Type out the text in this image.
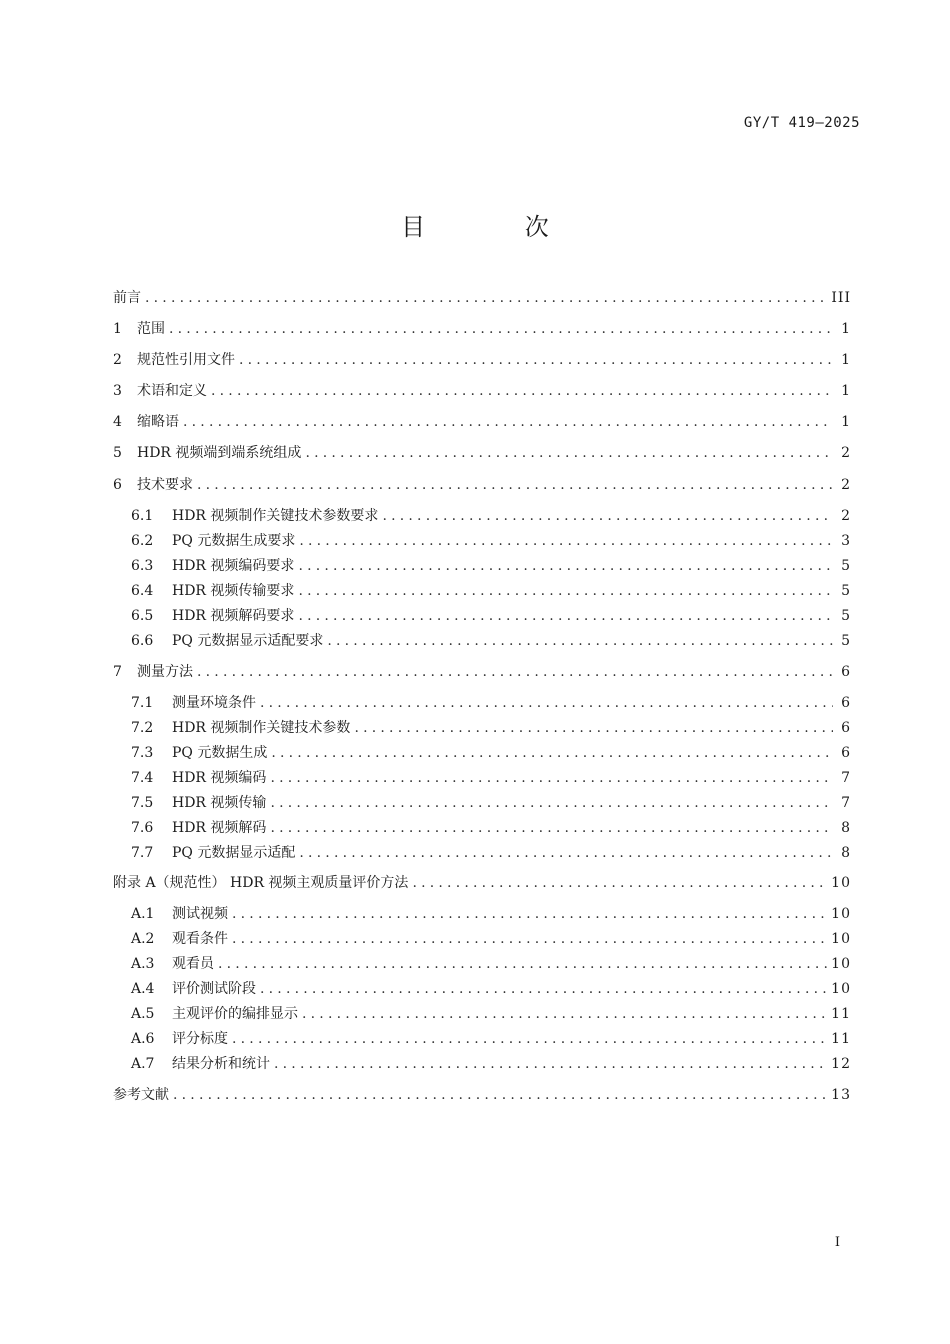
GY/T 419—2025
目 次
前言 .....	III
1	范围 .....	1
2	规范性引用文件 .....	1
3	术语和定义 .....	1
4	缩略语 .....	1
5	HDR 视频端到端系统组成 .....	2
6	技术要求 .....	2
6.1	HDR 视频制作关键技术参数要求 .....	2
6.2	PQ 元数据生成要求 .....	3
6.3	HDR 视频编码要求 .....	5
6.4	HDR 视频传输要求 .....	5
6.5	HDR 视频解码要求 .....	5
6.6	PQ 元数据显示适配要求 .....	5
7	测量方法 .....	6
7.1	测量环境条件 .....	6
7.2	HDR 视频制作关键技术参数 .....	6
7.3	PQ 元数据生成 .....	6
7.4	HDR 视频编码 .....	7
7.5	HDR 视频传输 .....	7
7.6	HDR 视频解码 .....	8
7.7	PQ 元数据显示适配 .....	8
附录 A（规范性） HDR 视频主观质量评价方法 .....	10
A.1	测试视频 .....	10
A.2	观看条件 .....	10
A.3	观看员 .....	10
A.4	评价测试阶段 .....	10
A.5	主观评价的编排显示 .....	11
A.6	评分标度 .....	11
A.7	结果分析和统计 .....	12
参考文献 .....	13
I
